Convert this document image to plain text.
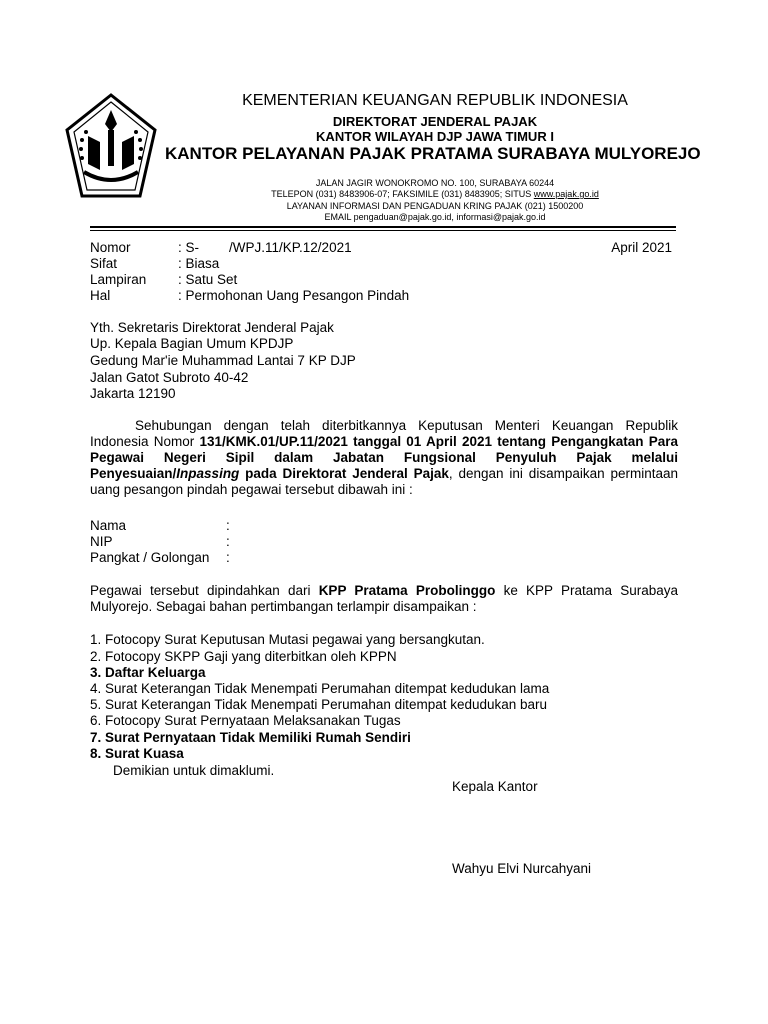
KEMENTERIAN KEUANGAN REPUBLIK INDONESIA
DIREKTORAT JENDERAL PAJAK
KANTOR WILAYAH DJP JAWA TIMUR I
KANTOR PELAYANAN PAJAK PRATAMA SURABAYA MULYOREJO
JALAN JAGIR WONOKROMO NO. 100, SURABAYA 60244
TELEPON (031) 8483906-07; FAKSIMILE (031) 8483905; SITUS www.pajak.go.id
LAYANAN INFORMASI DAN PENGADUAN KRING PAJAK (021) 1500200
EMAIL pengaduan@pajak.go.id, informasi@pajak.go.id
Nomor	: S-        /WPJ.11/KP.12/2021	April 2021
Sifat	: Biasa
Lampiran : Satu Set
Hal	: Permohonan Uang Pesangon Pindah
Yth. Sekretaris Direktorat Jenderal Pajak
Up. Kepala Bagian Umum KPDJP
Gedung Mar'ie Muhammad Lantai 7 KP DJP
Jalan Gatot Subroto 40-42
Jakarta 12190

Sehubungan dengan telah diterbitkannya Keputusan Menteri Keuangan Republik Indonesia Nomor 131/KMK.01/UP.11/2021 tanggal 01 April 2021 tentang Pengangkatan Para Pegawai Negeri Sipil dalam Jabatan Fungsional Penyuluh Pajak melalui Penyesuaian/Inpassing pada Direktorat Jenderal Pajak, dengan ini disampaikan permintaan uang pesangon pindah pegawai tersebut dibawah ini :

Nama	:
NIP	:
Pangkat / Golongan :

Pegawai tersebut dipindahkan dari KPP Pratama Probolinggo ke KPP Pratama Surabaya Mulyorejo. Sebagai bahan pertimbangan terlampir disampaikan :

1. Fotocopy Surat Keputusan Mutasi pegawai yang bersangkutan.
2. Fotocopy SKPP Gaji yang diterbitkan oleh KPPN
3. Daftar Keluarga
4. Surat Keterangan Tidak Menempati Perumahan ditempat kedudukan lama
5. Surat Keterangan Tidak Menempati Perumahan ditempat kedudukan baru
6. Fotocopy Surat Pernyataan Melaksanakan Tugas
7. Surat Pernyataan Tidak Memiliki Rumah Sendiri
8. Surat Kuasa
Demikian untuk dimaklumi.
Kepala Kantor
Wahyu Elvi Nurcahyani
